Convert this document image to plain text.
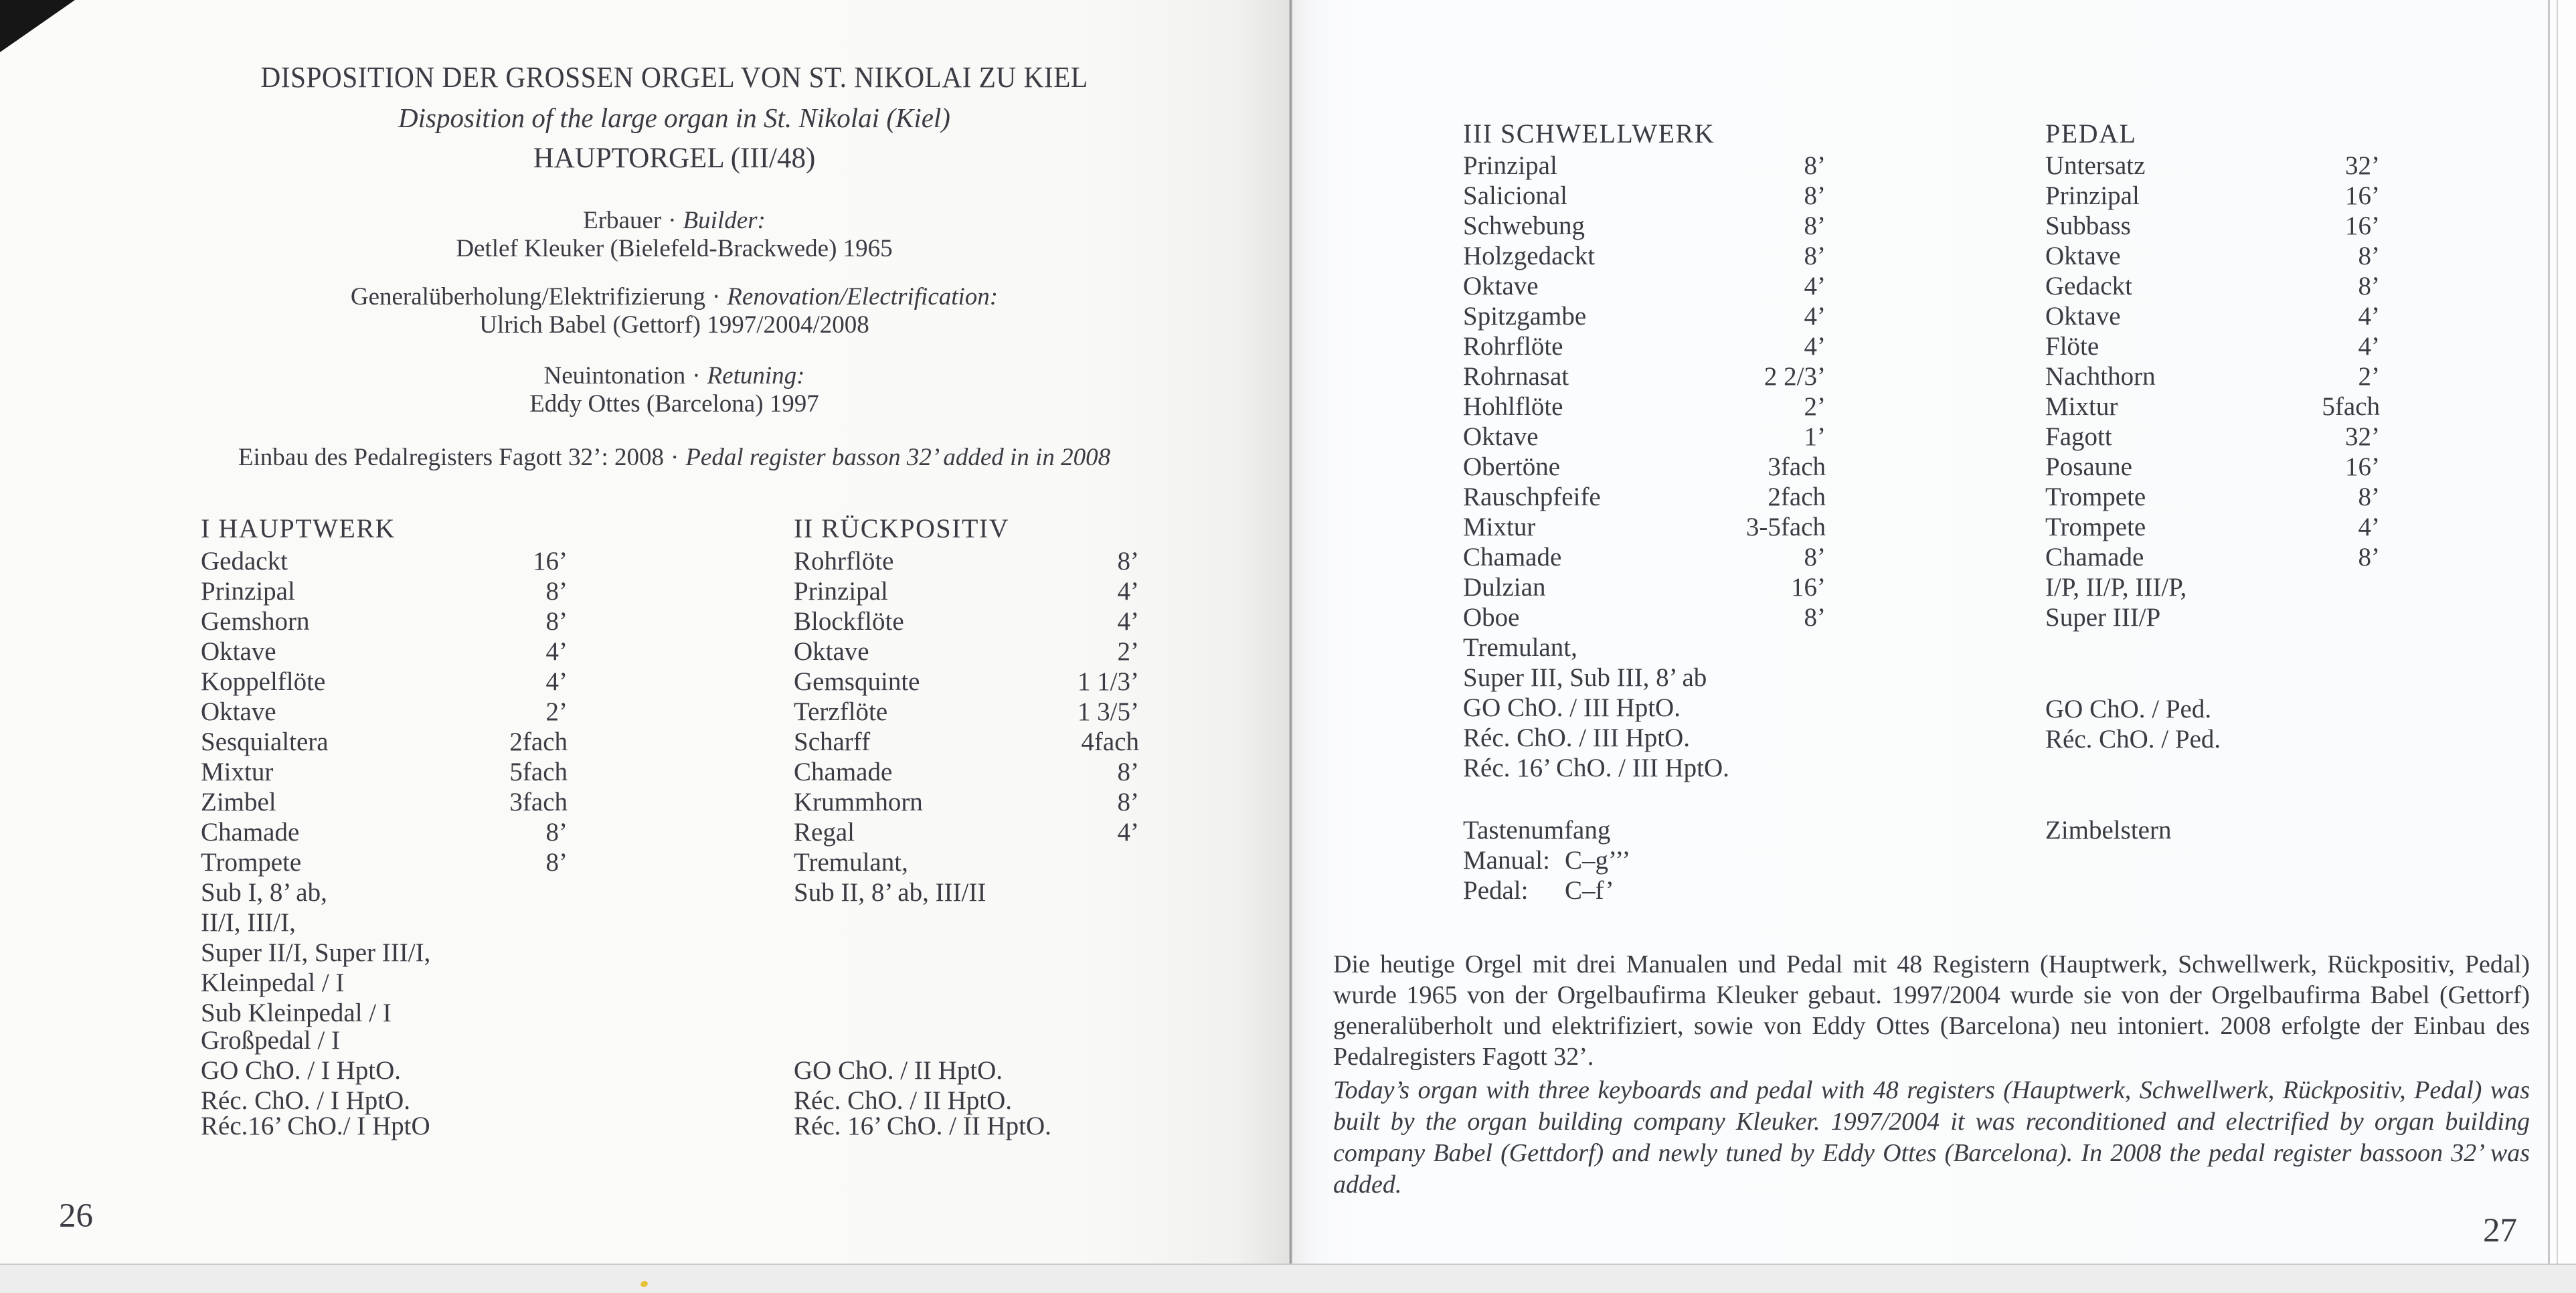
DISPOSITION DER GROSSEN ORGEL VON ST. NIKOLAI ZU KIEL
Disposition of the large organ in St. Nikolai (Kiel)
HAUPTORGEL (III/48)
Erbauer · Builder:
Detlef Kleuker (Bielefeld-Brackwede) 1965
Generalüberholung/Elektrifizierung · Renovation/Electrification:
Ulrich Babel (Gettorf) 1997/2004/2008
Neuintonation · Retuning:
Eddy Ottes (Barcelona) 1997
Einbau des Pedalregisters Fagott 32’: 2008 · Pedal register basson 32’ added in in 2008
I HAUPTWERK
Gedackt	16’
Prinzipal	8’
Gemshorn	8’
Oktave	4’
Koppelflöte	4’
Oktave	2’
Sesquialtera	2fach
Mixtur	5fach
Zimbel	3fach
Chamade	8’
Trompete	8’
Sub I, 8’ ab,
II/I, III/I,
Super II/I, Super III/I,
Kleinpedal / I
Sub Kleinpedal / I
Großpedal / I
GO ChO. / I HptO.
Réc. ChO. / I HptO.
Réc.16’ ChO./ I HptO
II RÜCKPOSITIV
Rohrflöte	8’
Prinzipal	4’
Blockflöte	4’
Oktave	2’
Gemsquinte	1 1/3’
Terzflöte	1 3/5’
Scharff	4fach
Chamade	8’
Krummhorn	8’
Regal	4’
Tremulant,
Sub II, 8’ ab, III/II
GO ChO. / II HptO.
Réc. ChO. / II HptO.
Réc. 16’ ChO. / II HptO.
III SCHWELLWERK
Prinzipal	8’
Salicional	8’
Schwebung	8’
Holzgedackt	8’
Oktave	4’
Spitzgambe	4’
Rohrflöte	4’
Rohrnasat	2 2/3’
Hohlflöte	2’
Oktave	1’
Obertöne	3fach
Rauschpfeife	2fach
Mixtur	3-5fach
Chamade	8’
Dulzian	16’
Oboe	8’
Tremulant,
Super III, Sub III, 8’ ab
GO ChO. / III HptO.
Réc. ChO. / III HptO.
Réc. 16’ ChO. / III HptO.
PEDAL
Untersatz	32’
Prinzipal	16’
Subbass	16’
Oktave	8’
Gedackt	8’
Oktave	4’
Flöte	4’
Nachthorn	2’
Mixtur	5fach
Fagott	32’
Posaune	16’
Trompete	8’
Trompete	4’
Chamade	8’
I/P, II/P, III/P,
Super III/P
GO ChO. / Ped.
Réc. ChO. / Ped.
Tastenumfang
Manual: C–g’’’
Pedal: C–f’
Zimbelstern
Die heutige Orgel mit drei Manualen und Pedal mit 48 Registern (Hauptwerk, Schwellwerk, Rückpositiv, Pedal) wurde 1965 von der Orgelbaufirma Kleuker gebaut. 1997/2004 wurde sie von der Orgelbaufirma Babel (Gettorf) generalüberholt und elektrifiziert, sowie von Eddy Ottes (Barcelona) neu intoniert. 2008 erfolgte der Einbau des Pedalregisters Fagott 32’.
Today’s organ with three keyboards and pedal with 48 registers (Hauptwerk, Schwellwerk, Rückpositiv, Pedal) was built by the organ building company Kleuker. 1997/2004 it was reconditioned and electrified by organ building company Babel (Gettdorf) and newly tuned by Eddy Ottes (Barcelona). In 2008 the pedal register bassoon 32’ was added.
26	27
